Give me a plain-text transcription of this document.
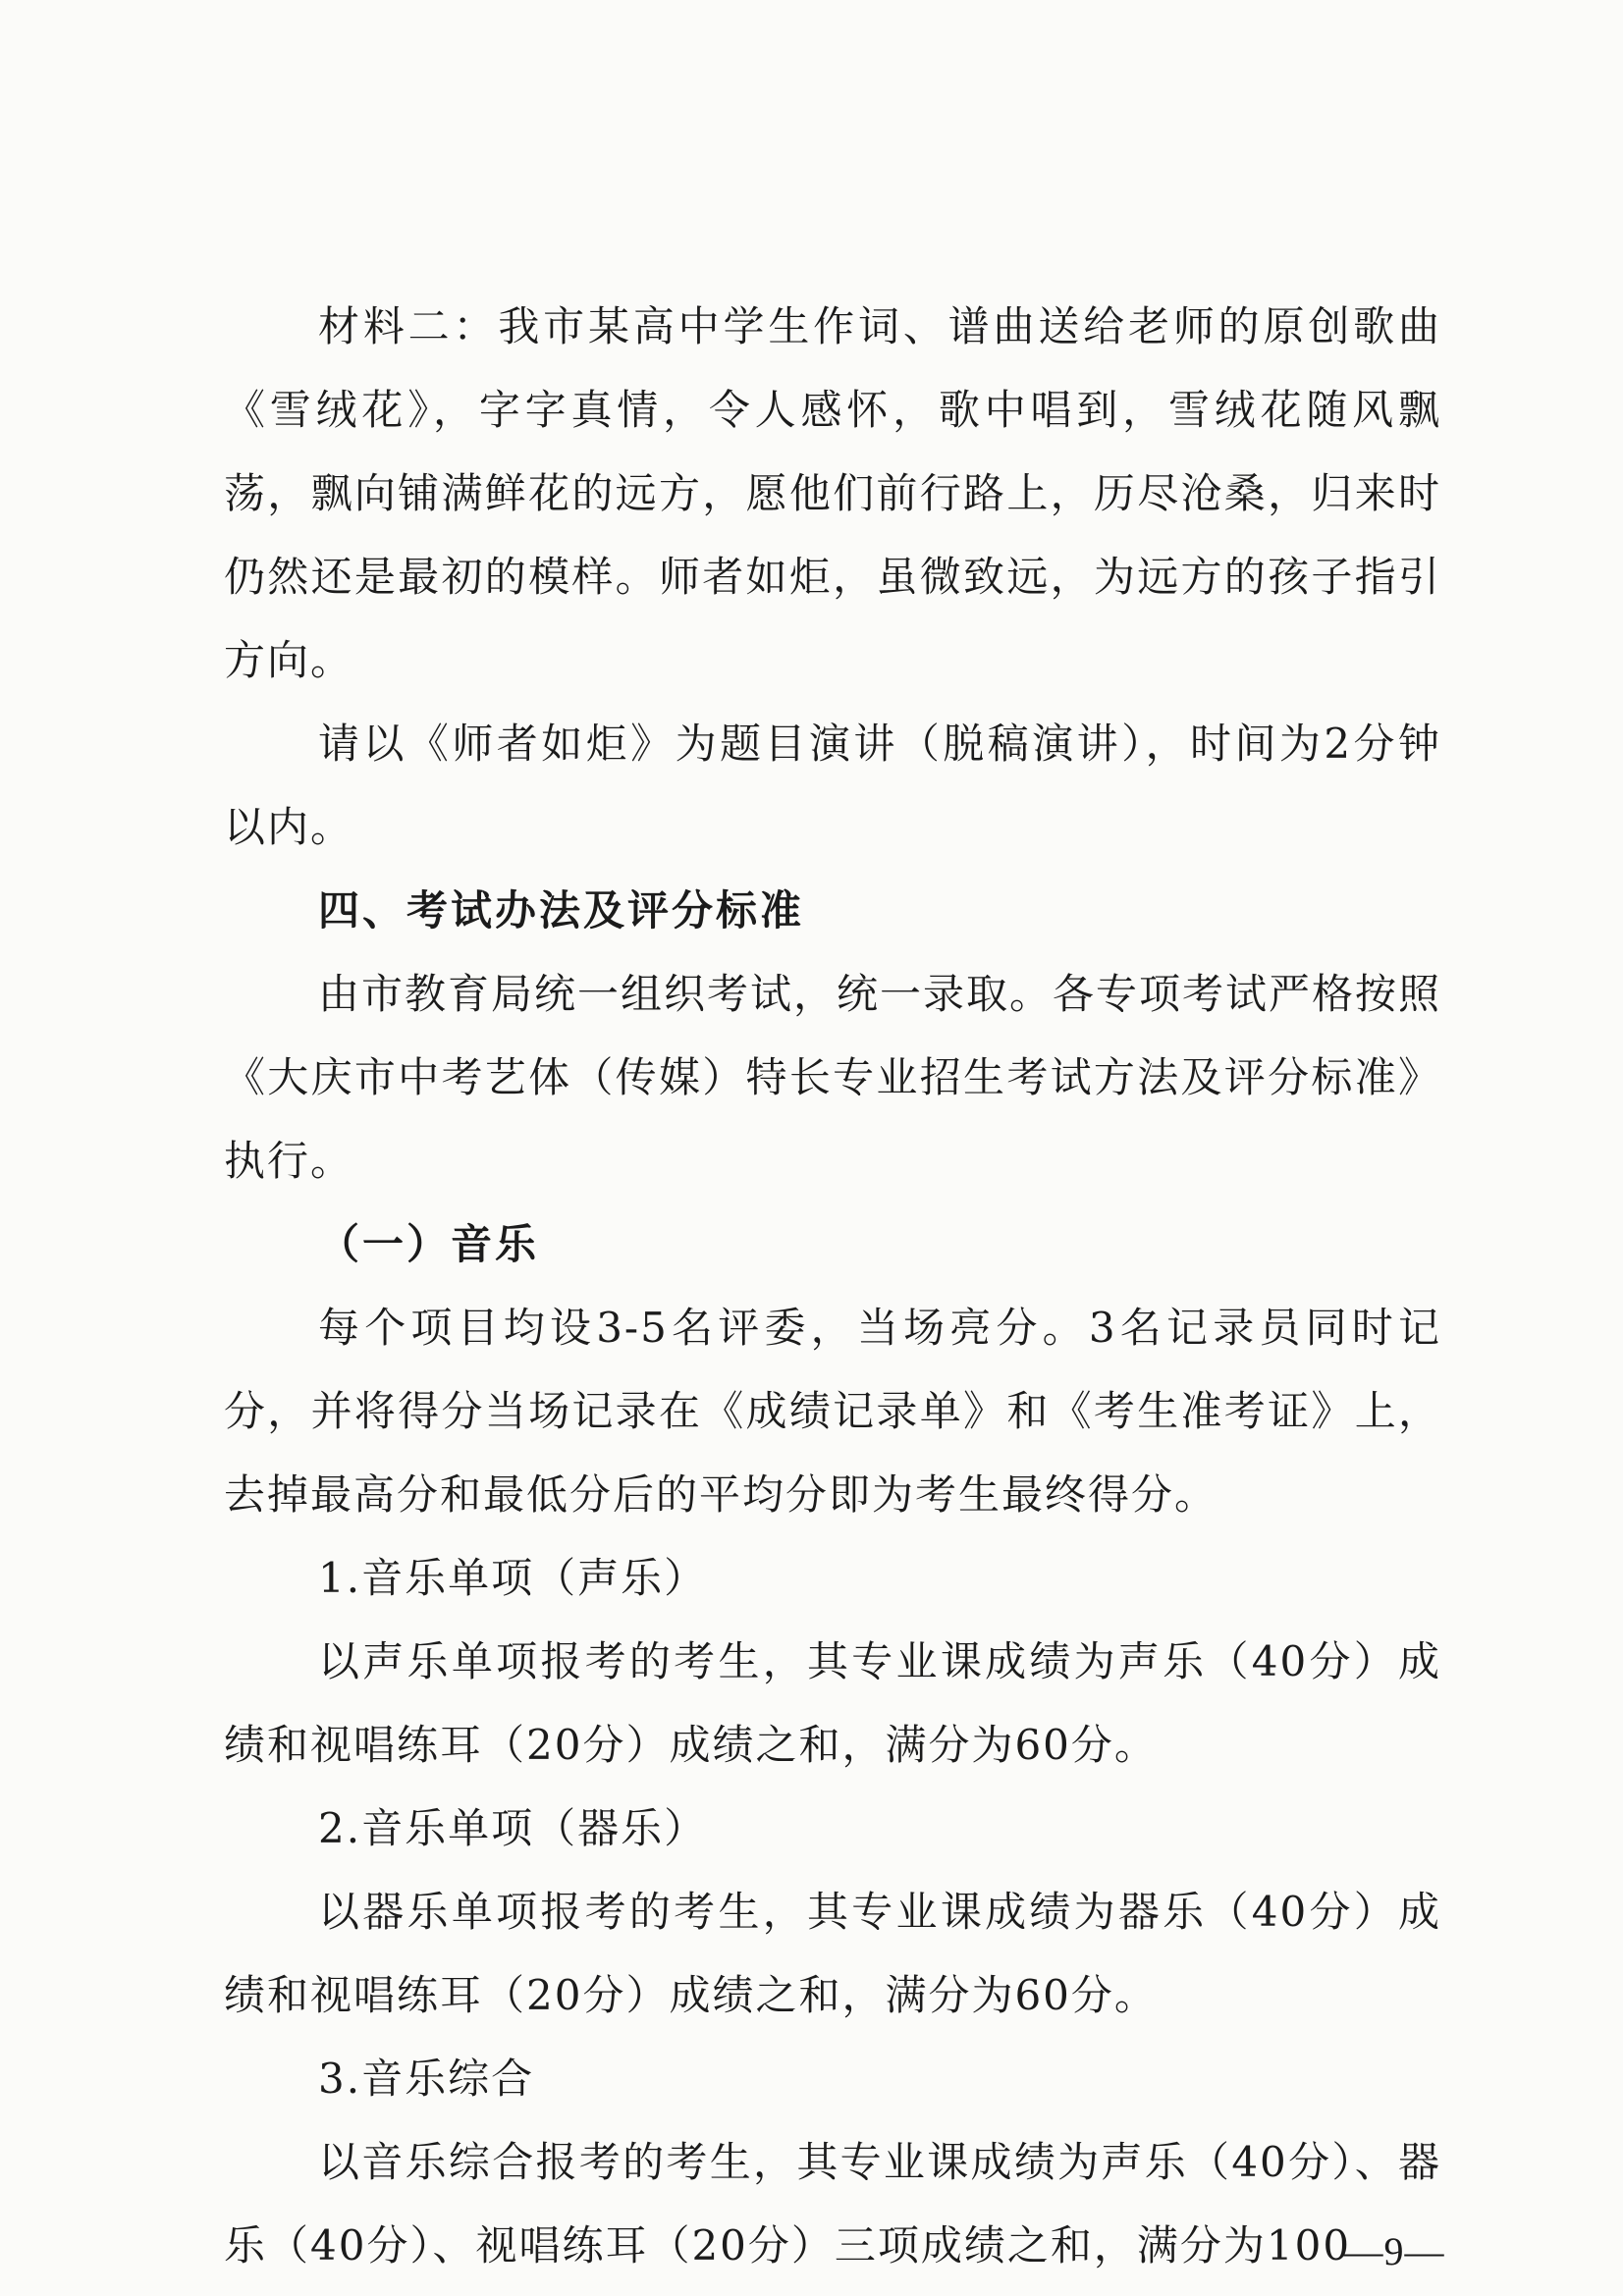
材料二：我市某高中学生作词、谱曲送给老师的原创歌曲《雪绒花》，字字真情，令人感怀，歌中唱到，雪绒花随风飘荡，飘向铺满鲜花的远方，愿他们前行路上，历尽沧桑，归来时仍然还是最初的模样。师者如炬，虽微致远，为远方的孩子指引方向。

请以《师者如炬》为题目演讲（脱稿演讲），时间为2分钟以内。

四、考试办法及评分标准

由市教育局统一组织考试，统一录取。各专项考试严格按照《大庆市中考艺体（传媒）特长专业招生考试方法及评分标准》执行。

（一）音乐

每个项目均设3-5名评委，当场亮分。3名记录员同时记分，并将得分当场记录在《成绩记录单》和《考生准考证》上，去掉最高分和最低分后的平均分即为考生最终得分。

1.音乐单项（声乐）

以声乐单项报考的考生，其专业课成绩为声乐（40分）成绩和视唱练耳（20分）成绩之和，满分为60分。

2.音乐单项（器乐）

以器乐单项报考的考生，其专业课成绩为器乐（40分）成绩和视唱练耳（20分）成绩之和，满分为60分。

3.音乐综合

以音乐综合报考的考生，其专业课成绩为声乐（40分）、器乐（40分）、视唱练耳（20分）三项成绩之和，满分为100

—9—
